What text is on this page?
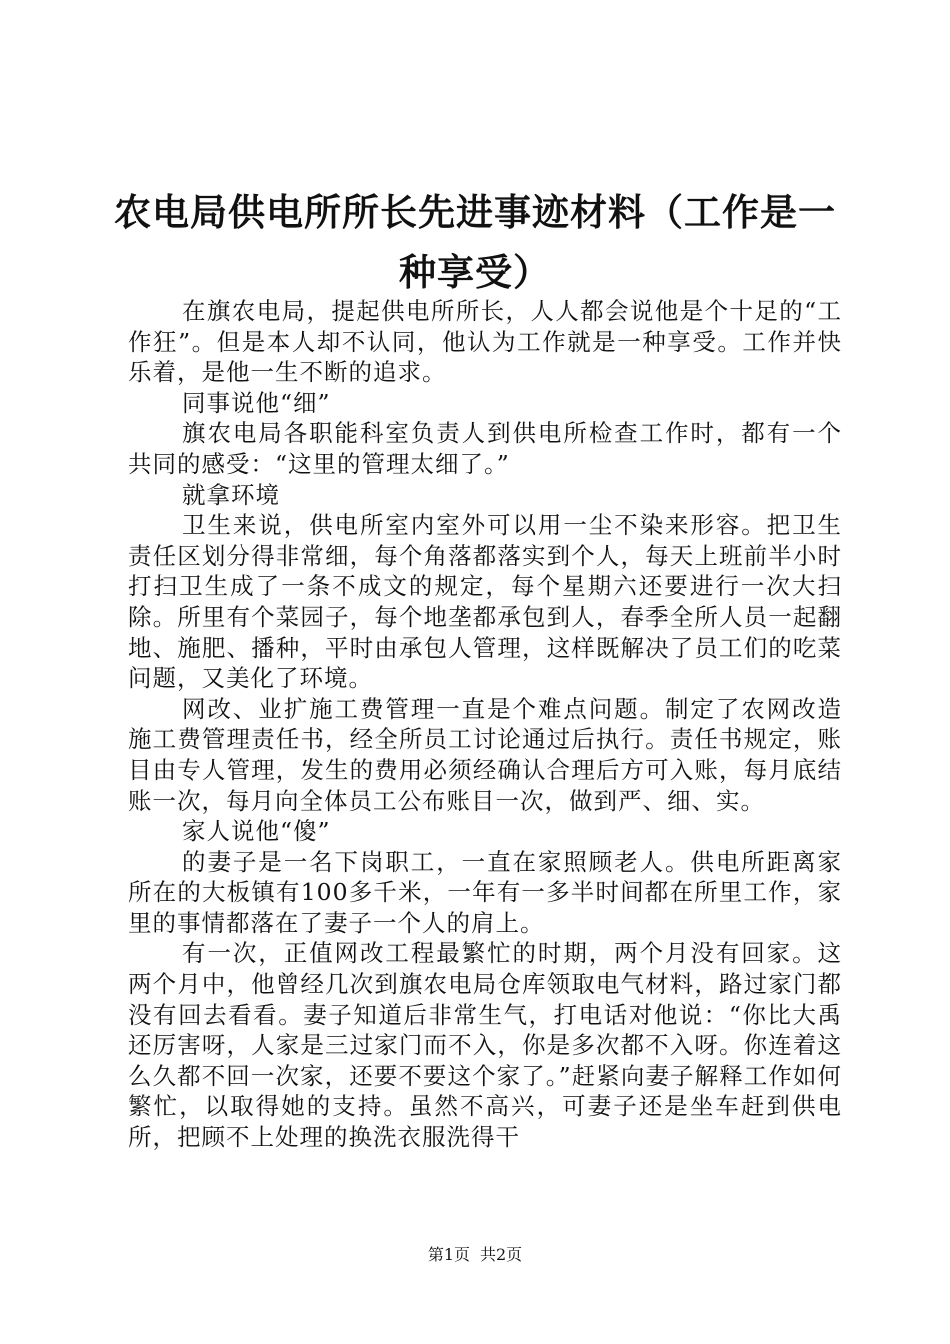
农电局供电所所长先进事迹材料（工作是一种享受）

在旗农电局，提起供电所所长，人人都会说他是个十足的“工作狂”。但是本人却不认同，他认为工作就是一种享受。工作并快乐着，是他一生不断的追求。

同事说他“细”

旗农电局各职能科室负责人到供电所检查工作时，都有一个共同的感受：“这里的管理太细了。”

就拿环境

卫生来说，供电所室内室外可以用一尘不染来形容。把卫生责任区划分得非常细，每个角落都落实到个人，每天上班前半小时打扫卫生成了一条不成文的规定，每个星期六还要进行一次大扫除。所里有个菜园子，每个地垄都承包到人，春季全所人员一起翻地、施肥、播种，平时由承包人管理，这样既解决了员工们的吃菜问题，又美化了环境。

网改、业扩施工费管理一直是个难点问题。制定了农网改造施工费管理责任书，经全所员工讨论通过后执行。责任书规定，账目由专人管理，发生的费用必须经确认合理后方可入账，每月底结账一次，每月向全体员工公布账目一次，做到严、细、实。

家人说他“傻”

的妻子是一名下岗职工，一直在家照顾老人。供电所距离家所在的大板镇有100多千米，一年有一多半时间都在所里工作，家里的事情都落在了妻子一个人的肩上。

有一次，正值网改工程最繁忙的时期，两个月没有回家。这两个月中，他曾经几次到旗农电局仓库领取电气材料，路过家门都没有回去看看。妻子知道后非常生气，打电话对他说：“你比大禹还厉害呀，人家是三过家门而不入，你是多次都不入呀。你连着这么久都不回一次家，还要不要这个家了。”赶紧向妻子解释工作如何繁忙，以取得她的支持。虽然不高兴，可妻子还是坐车赶到供电所，把顾不上处理的换洗衣服洗得干

第1页 共2页
